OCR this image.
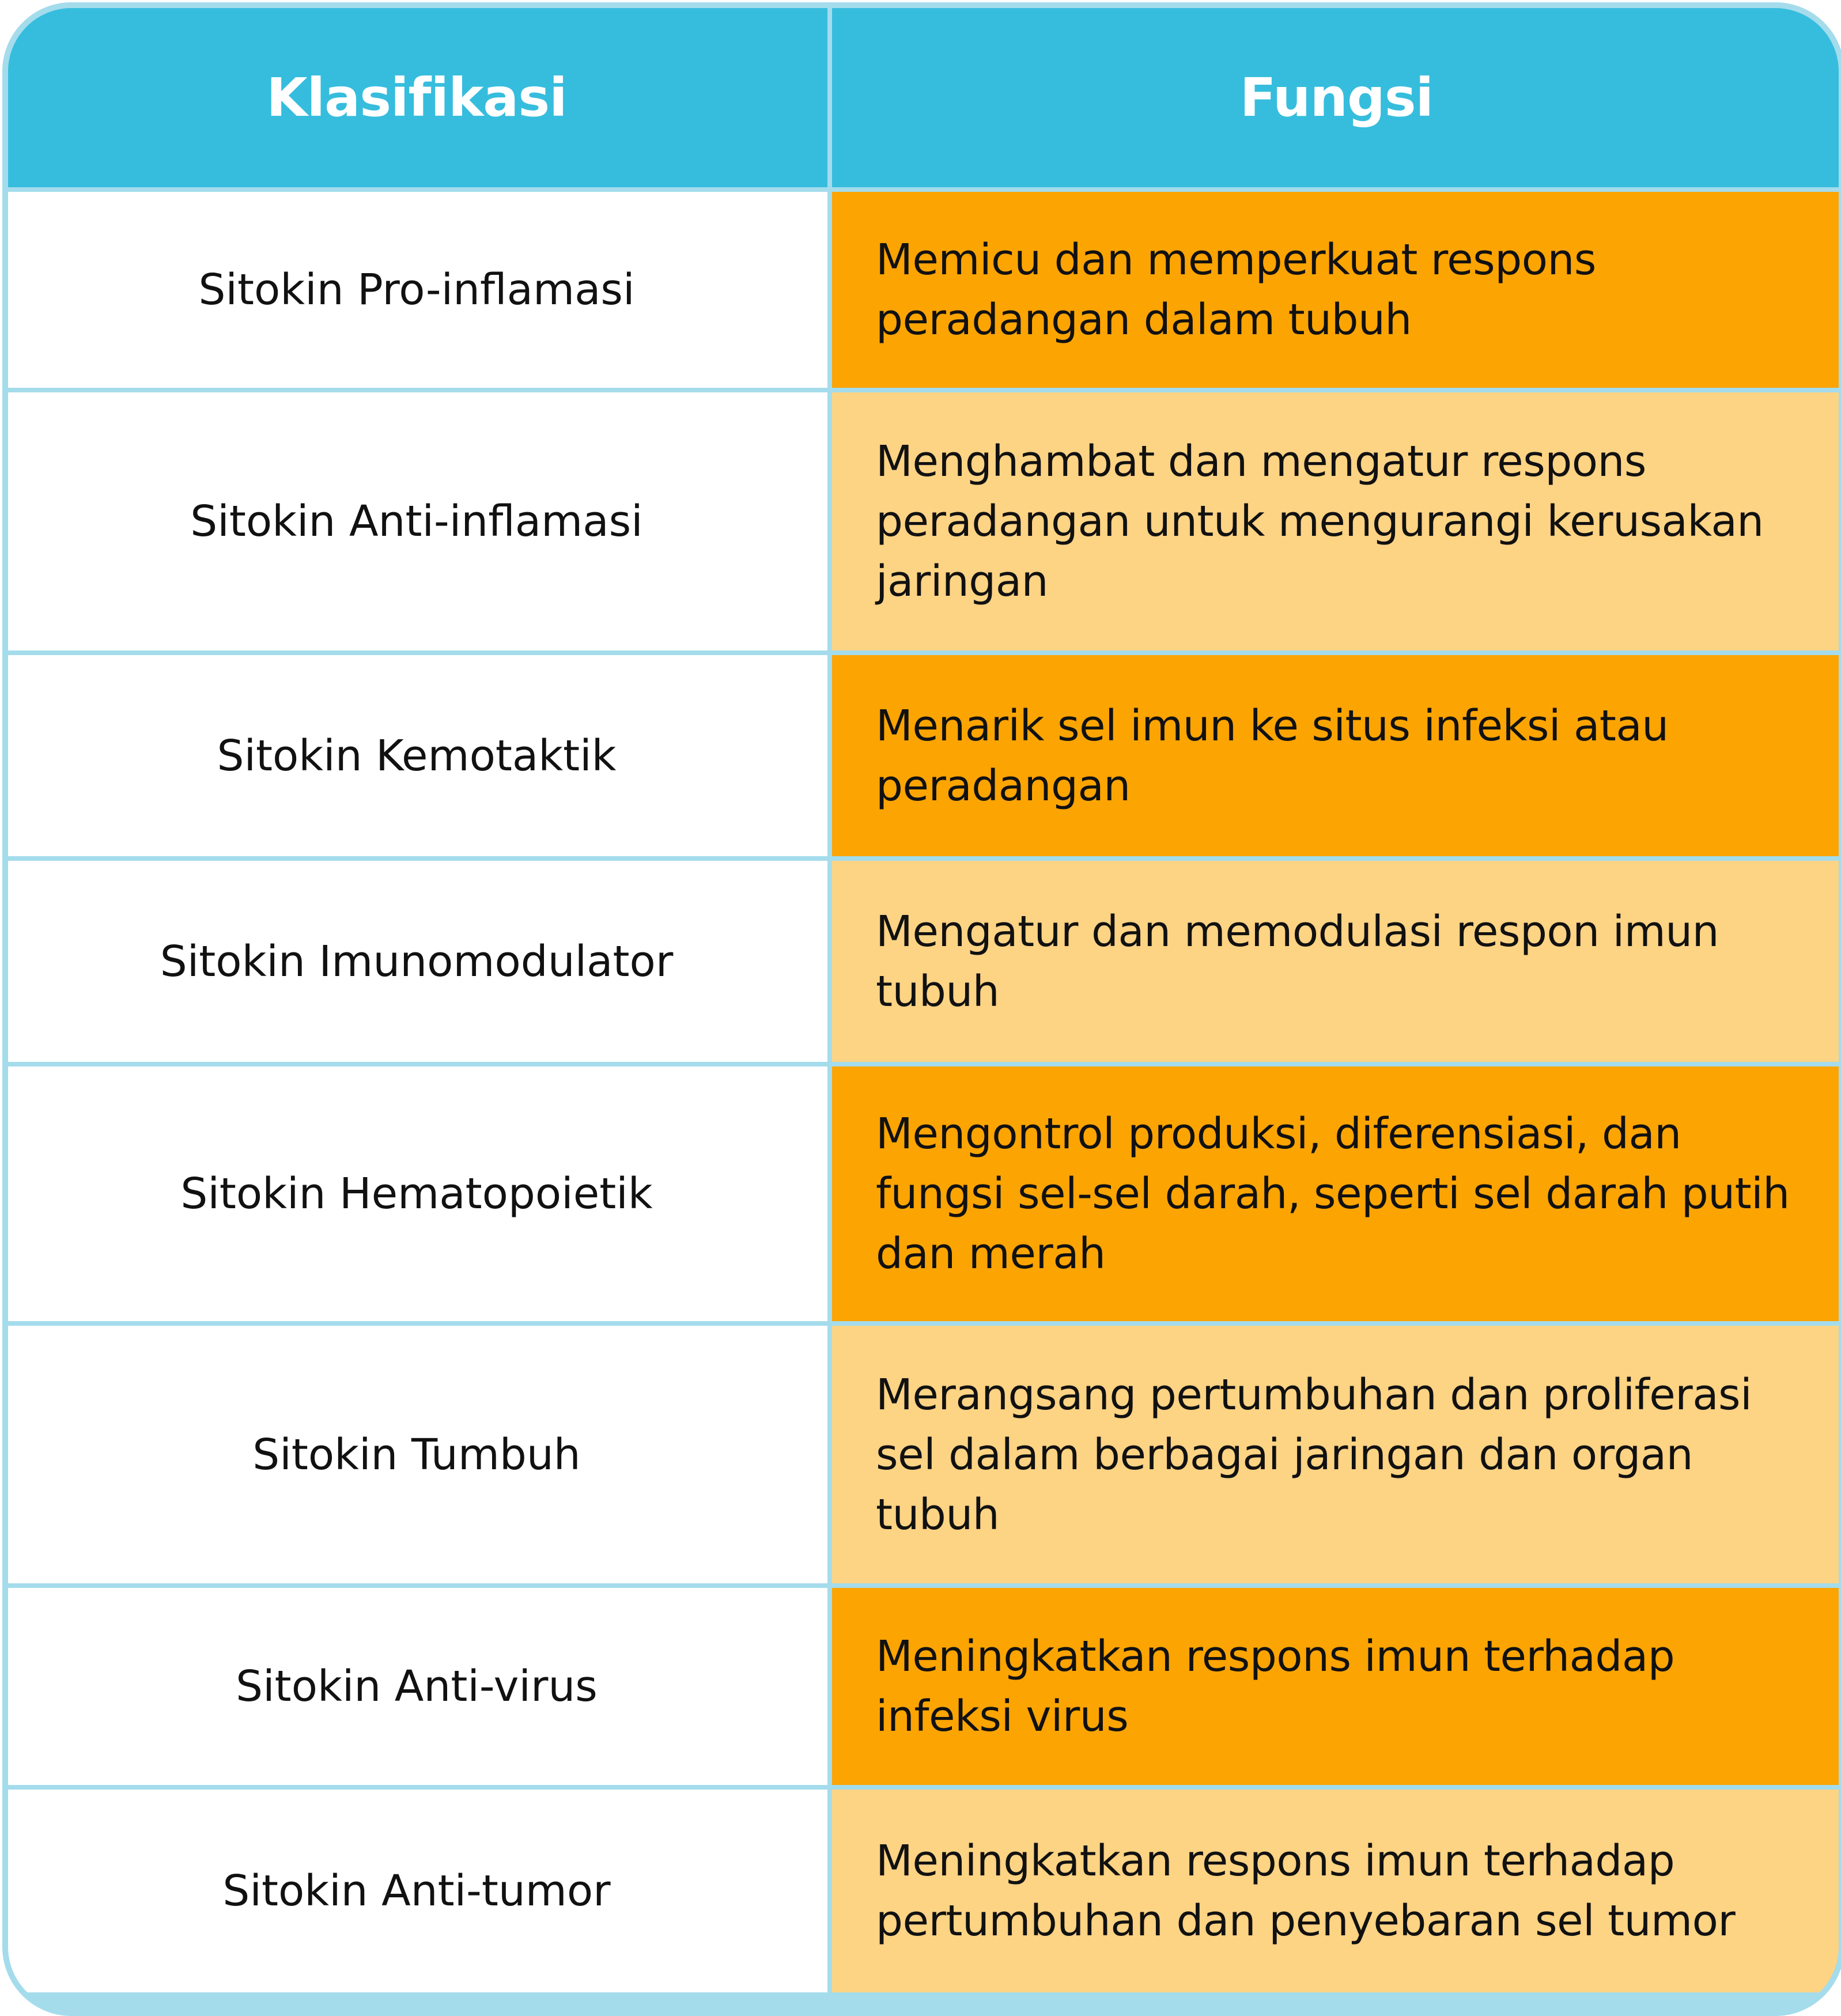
Klasifikasi	Fungsi
Sitokin Pro-inflamasi
Memicu dan memperkuat respons peradangan dalam tubuh
Sitokin Anti-inflamasi
Menghambat dan mengatur respons peradangan untuk mengurangi kerusakan jaringan
Sitokin Kemotaktik
Menarik sel imun ke situs infeksi atau peradangan
Sitokin Imunomodulator
Mengatur dan memodulasi respon imun tubuh
Sitokin Hematopoietik
Mengontrol produksi, diferensiasi, dan fungsi sel-sel darah, seperti sel darah putih dan merah
Sitokin Tumbuh
Merangsang pertumbuhan dan proliferasi sel dalam berbagai jaringan dan organ tubuh
Sitokin Anti-virus
Meningkatkan respons imun terhadap infeksi virus
Sitokin Anti-tumor
Meningkatkan respons imun terhadap pertumbuhan dan penyebaran sel tumor
